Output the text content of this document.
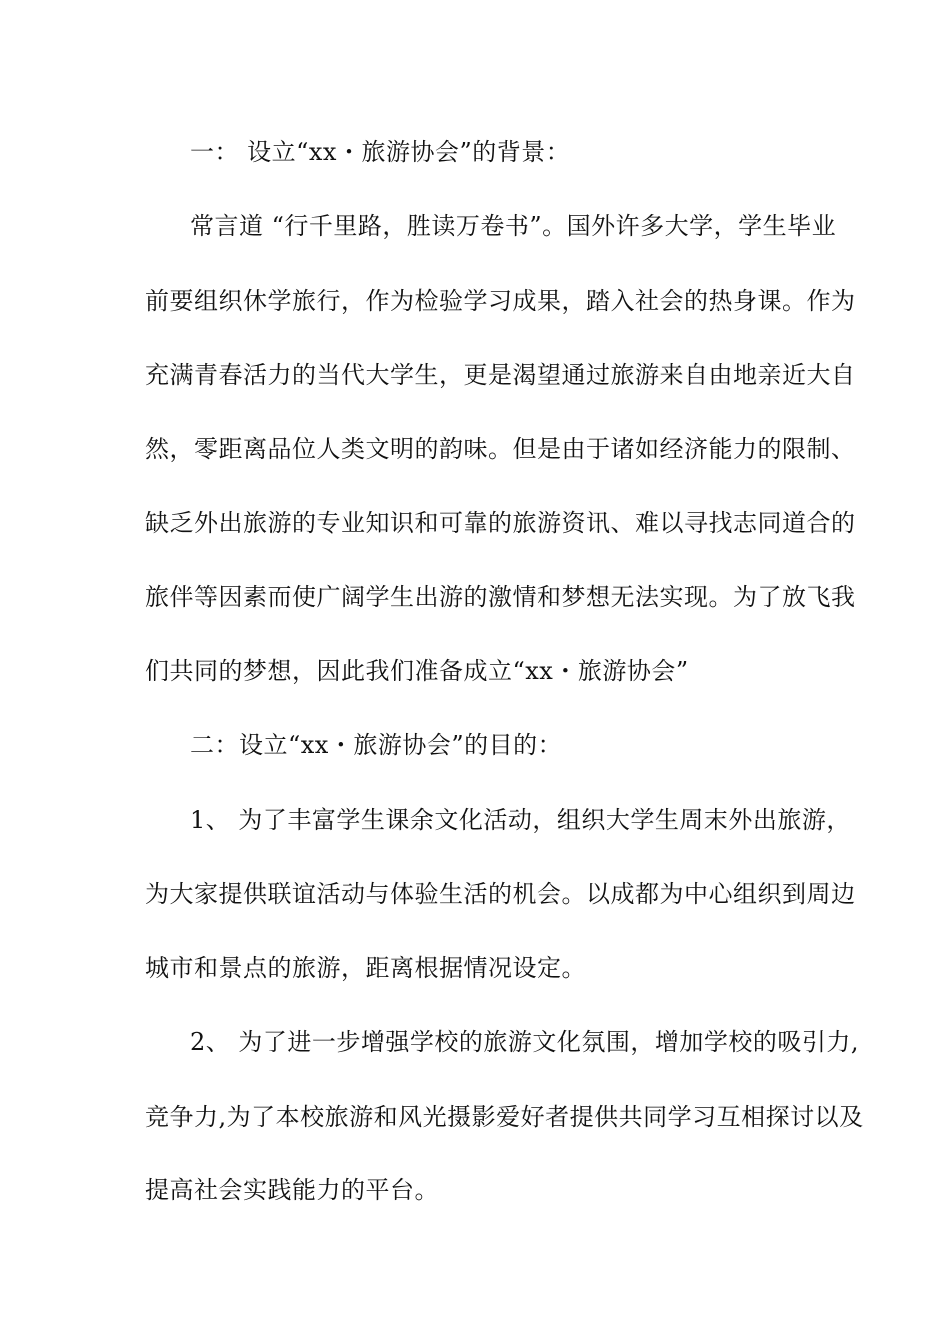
一： 设立“xx・旅游协会”的背景：
常言道 “行千里路，胜读万卷书”。国外许多大学，学生毕业
前要组织休学旅行，作为检验学习成果，踏入社会的热身课。作为
充满青春活力的当代大学生，更是渴望通过旅游来自由地亲近大自
然，零距离品位人类文明的韵味。但是由于诸如经济能力的限制、
缺乏外出旅游的专业知识和可靠的旅游资讯、难以寻找志同道合的
旅伴等因素而使广阔学生出游的激情和梦想无法实现。为了放飞我
们共同的梦想，因此我们准备成立“xx・旅游协会”
二：设立“xx・旅游协会”的目的：
1、 为了丰富学生课余文化活动，组织大学生周末外出旅游，
为大家提供联谊活动与体验生活的机会。以成都为中心组织到周边
城市和景点的旅游，距离根据情况设定。
2、 为了进一步增强学校的旅游文化氛围，增加学校的吸引力,
竞争力,为了本校旅游和风光摄影爱好者提供共同学习互相探讨以及
提高社会实践能力的平台。
